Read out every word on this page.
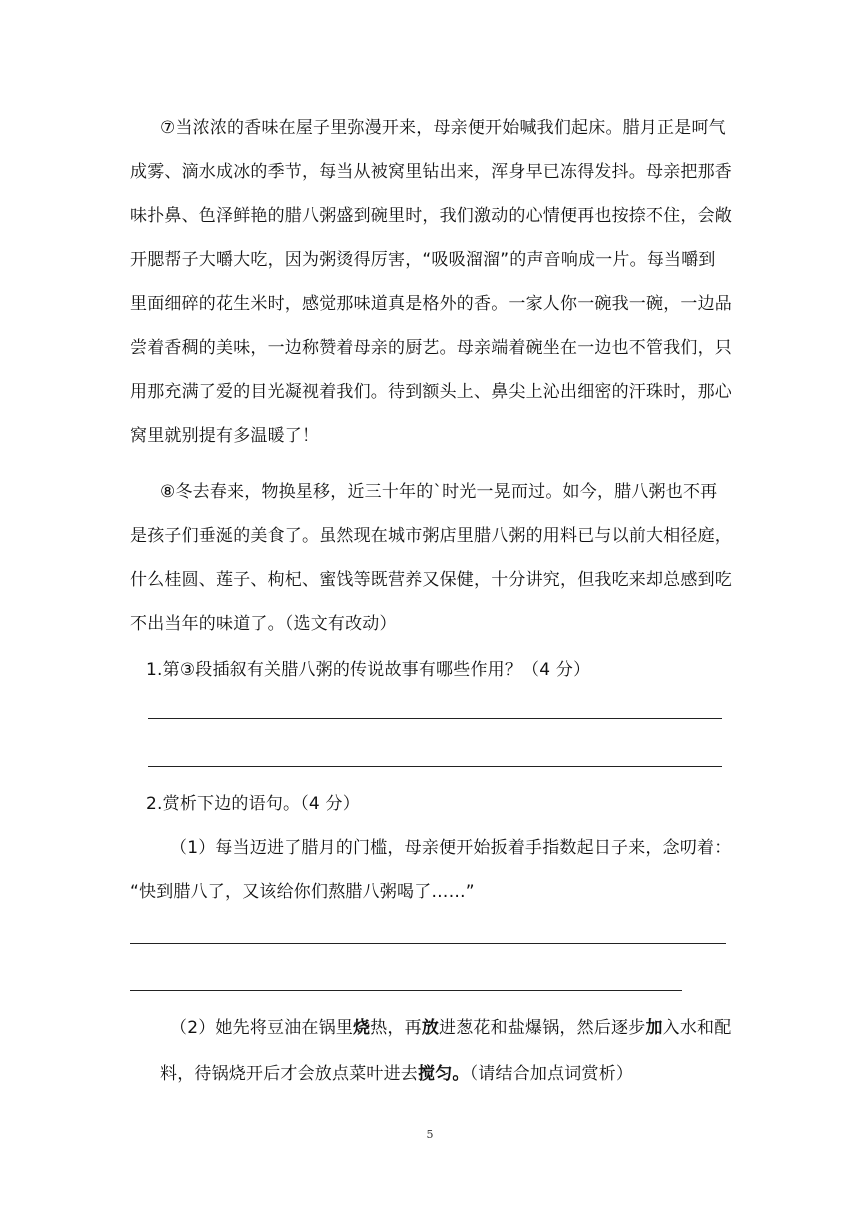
⑦当浓浓的香味在屋子里弥漫开来，母亲便开始喊我们起床。腊月正是呵气
成雾、滴水成冰的季节，每当从被窝里钻出来，浑身早已冻得发抖。母亲把那香
味扑鼻、色泽鲜艳的腊八粥盛到碗里时，我们激动的心情便再也按捺不住，会敞
开腮帮子大嚼大吃，因为粥烫得厉害，“吸吸溜溜”的声音响成一片。每当嚼到
里面细碎的花生米时，感觉那味道真是格外的香。一家人你一碗我一碗，一边品
尝着香稠的美味，一边称赞着母亲的厨艺。母亲端着碗坐在一边也不管我们，只
用那充满了爱的目光凝视着我们。待到额头上、鼻尖上沁出细密的汗珠时，那心
窝里就别提有多温暖了！
⑧冬去春来，物换星移，近三十年的`时光一晃而过。如今，腊八粥也不再
是孩子们垂涎的美食了。虽然现在城市粥店里腊八粥的用料已与以前大相径庭，
什么桂圆、莲子、枸杞、蜜饯等既营养又保健，十分讲究，但我吃来却总感到吃
不出当年的味道了。（选文有改动）
1.第③段插叙有关腊八粥的传说故事有哪些作用？（4 分）
2.赏析下边的语句。（4 分）
（1）每当迈进了腊月的门槛，母亲便开始扳着手指数起日子来，念叨着：
“快到腊八了，又该给你们熬腊八粥喝了……”
（2）她先将豆油在锅里烧热，再放进葱花和盐爆锅，然后逐步加入水和配
料，待锅烧开后才会放点菜叶进去搅匀。（请结合加点词赏析）
5
